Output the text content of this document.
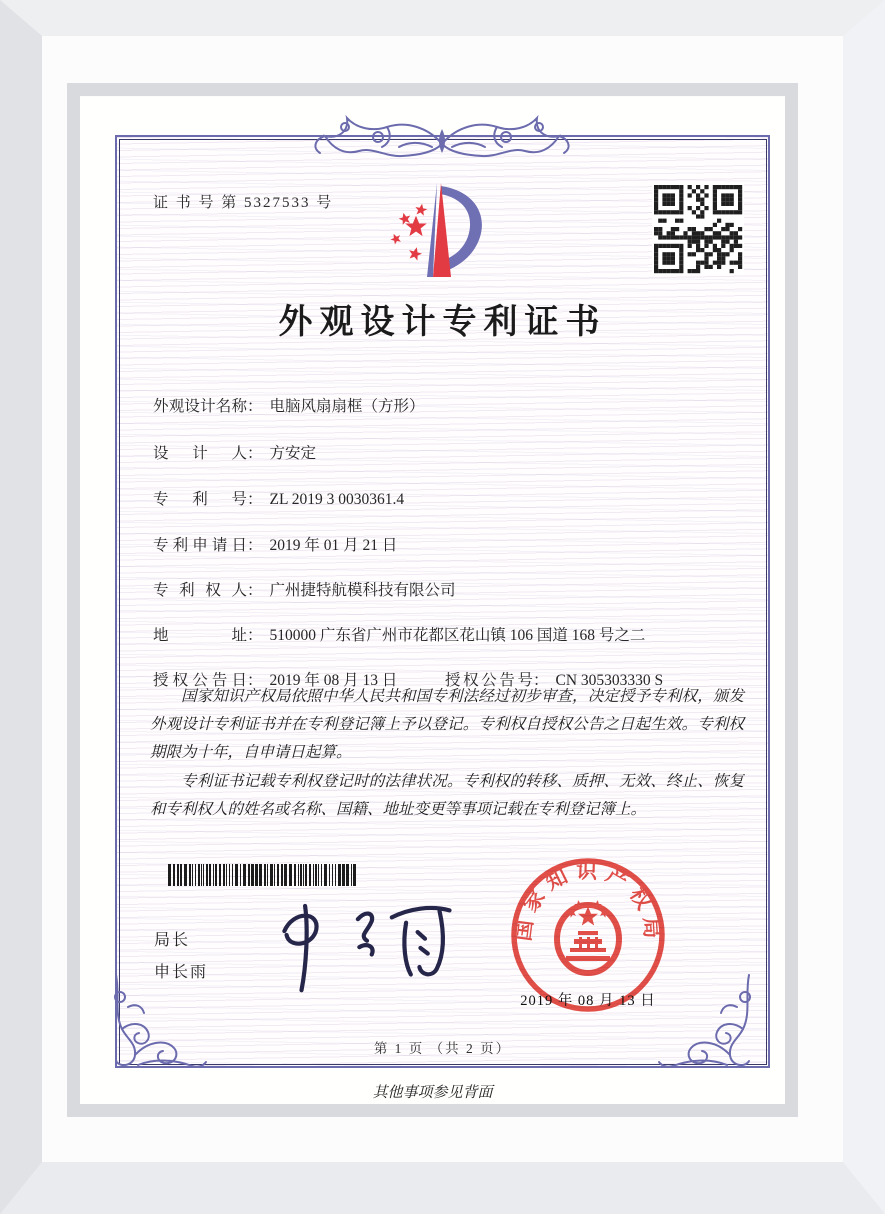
证 书 号 第 5327533 号
外观设计专利证书
外观设计名称： 电脑风扇扇框（方形）
设计人： 方安定
专利号： ZL 2019 3 0030361.4
专利申请日： 2019 年 01 月 21 日
专利权人： 广州捷特航模科技有限公司
地址： 510000 广东省广州市花都区花山镇 106 国道 168 号之二
授权公告日： 2019 年 08 月 13 日	授权公告号： CN 305303330 S

国家知识产权局依照中华人民共和国专利法经过初步审查，决定授予专利权，颁发外观设计专利证书并在专利登记簿上予以登记。专利权自授权公告之日起生效。专利权期限为十年，自申请日起算。

专利证书记载专利权登记时的法律状况。专利权的转移、质押、无效、终止、恢复和专利权人的姓名或名称、国籍、地址变更等事项记载在专利登记簿上。

局长
申长雨
国家知识产权局
2019 年 08 月 13 日
第 1 页 （共 2 页）
其他事项参见背面
